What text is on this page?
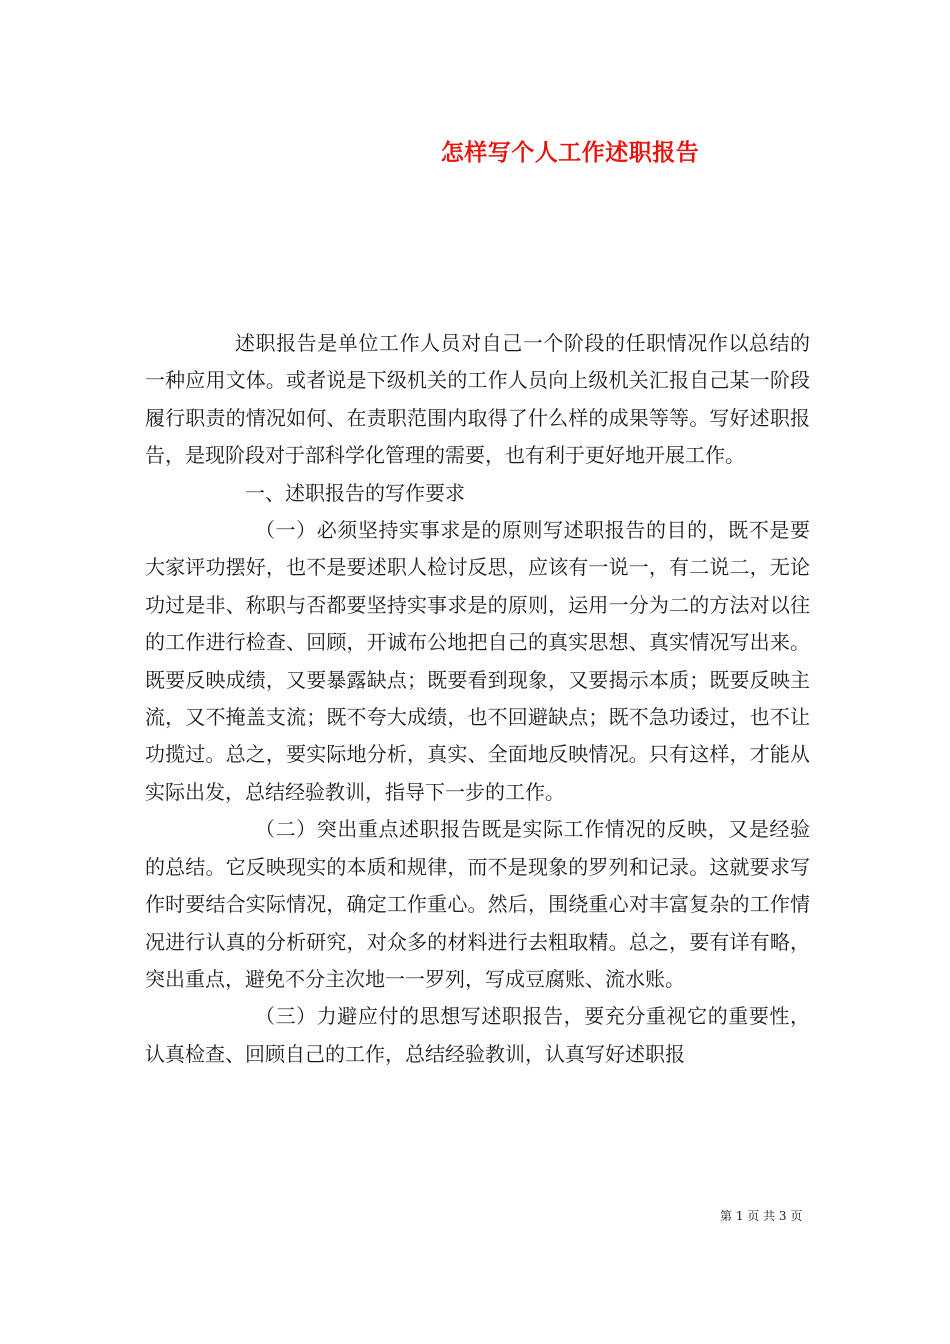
怎样写个人工作述职报告

述职报告是单位工作人员对自己一个阶段的任职情况作以总结的一种应用文体。或者说是下级机关的工作人员向上级机关汇报自己某一阶段履行职责的情况如何、在责职范围内取得了什么样的成果等等。写好述职报告，是现阶段对于部科学化管理的需要，也有利于更好地开展工作。

一、述职报告的写作要求

（一）必须坚持实事求是的原则写述职报告的目的，既不是要大家评功摆好，也不是要述职人检讨反思，应该有一说一，有二说二，无论功过是非、称职与否都要坚持实事求是的原则，运用一分为二的方法对以往的工作进行检查、回顾，开诚布公地把自己的真实思想、真实情况写出来。既要反映成绩，又要暴露缺点；既要看到现象，又要揭示本质；既要反映主流，又不掩盖支流；既不夸大成绩，也不回避缺点；既不急功诿过，也不让功揽过。总之，要实际地分析，真实、全面地反映情况。只有这样，才能从实际出发，总结经验教训，指导下一步的工作。

（二）突出重点述职报告既是实际工作情况的反映，又是经验的总结。它反映现实的本质和规律，而不是现象的罗列和记录。这就要求写作时要结合实际情况，确定工作重心。然后，围绕重心对丰富复杂的工作情况进行认真的分析研究，对众多的材料进行去粗取精。总之，要有详有略，突出重点，避免不分主次地一一罗列，写成豆腐账、流水账。

（三）力避应付的思想写述职报告，要充分重视它的重要性，认真检查、回顾自己的工作，总结经验教训，认真写好述职报

第 1 页 共 3 页
